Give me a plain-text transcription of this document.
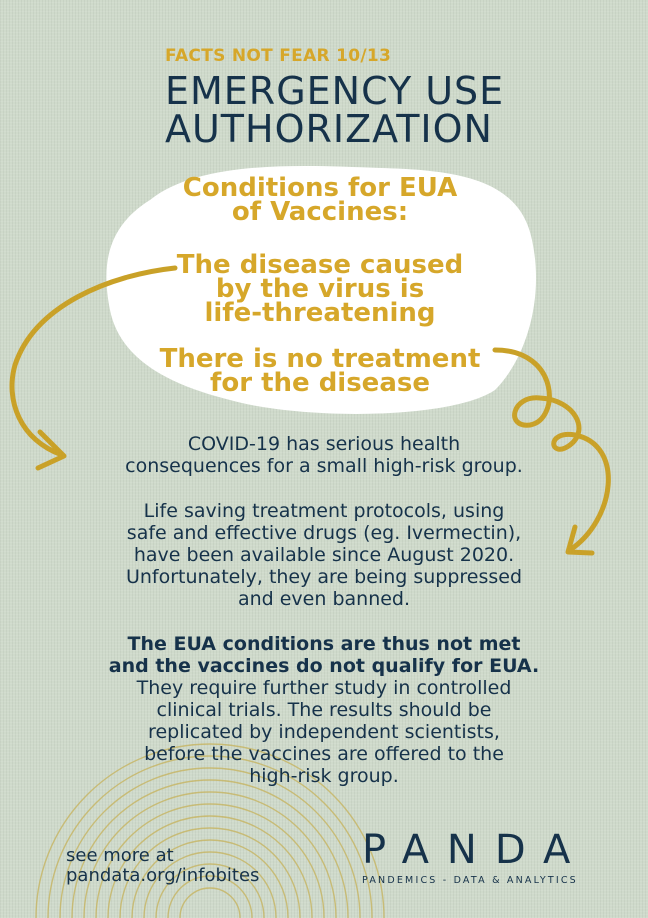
FACTS NOT FEAR 10/13
EMERGENCY USE
AUTHORIZATION
Conditions for EUA
of Vaccines:
The disease caused
by the virus is
life-threatening
There is no treatment
for the disease
COVID-19 has serious health
consequences for a small high-risk group.
Life saving treatment protocols, using
safe and effective drugs (eg. Ivermectin),
have been available since August 2020.
Unfortunately, they are being suppressed
and even banned.
The EUA conditions are thus not met
and the vaccines do not qualify for EUA.
They require further study in controlled
clinical trials. The results should be
replicated by independent scientists,
before the vaccines are offered to the
high-risk group.
see more at
pandata.org/infobites
PANDA
PANDEMICS - DATA & ANALYTICS
